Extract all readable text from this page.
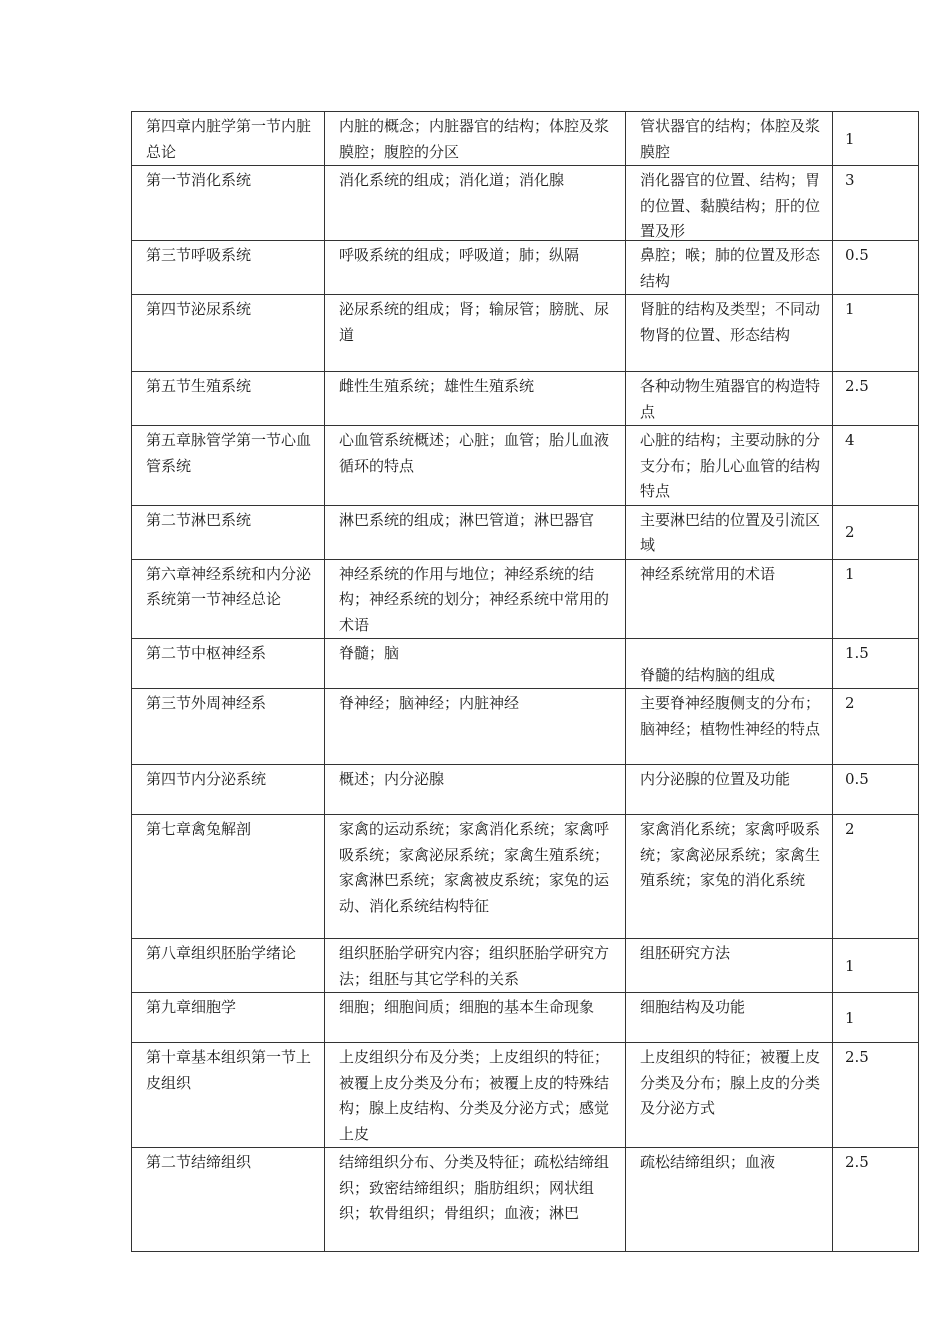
第四章内脏学第一节内脏总论	内脏的概念；内脏器官的结构；体腔及浆膜腔；腹腔的分区	管状器官的结构；体腔及浆膜腔	1
第一节消化系统	消化系统的组成；消化道；消化腺	消化器官的位置、结构；胃的位置、黏膜结构；肝的位置及形	3
第三节呼吸系统	呼吸系统的组成；呼吸道；肺；纵隔	鼻腔；喉；肺的位置及形态结构	0.5
第四节泌尿系统	泌尿系统的组成；肾；输尿管；膀胱、尿道	肾脏的结构及类型；不同动物肾的位置、形态结构	1
第五节生殖系统	雌性生殖系统；雄性生殖系统	各种动物生殖器官的构造特点	2.5
第五章脉管学第一节心血管系统	心血管系统概述；心脏；血管；胎儿血液循环的特点	心脏的结构；主要动脉的分支分布；胎儿心血管的结构特点	4
第二节淋巴系统	淋巴系统的组成；淋巴管道；淋巴器官	主要淋巴结的位置及引流区域	2
第六章神经系统和内分泌系统第一节神经总论	神经系统的作用与地位；神经系统的结构；神经系统的划分；神经系统中常用的术语	神经系统常用的术语	1
第二节中枢神经系	脊髓；脑	脊髓的结构脑的组成	1.5
第三节外周神经系	脊神经；脑神经；内脏神经	主要脊神经腹侧支的分布；脑神经；植物性神经的特点	2
第四节内分泌系统	概述；内分泌腺	内分泌腺的位置及功能	0.5
第七章禽兔解剖	家禽的运动系统；家禽消化系统；家禽呼吸系统；家禽泌尿系统；家禽生殖系统；家禽淋巴系统；家禽被皮系统；家兔的运动、消化系统结构特征	家禽消化系统；家禽呼吸系统；家禽泌尿系统；家禽生殖系统；家兔的消化系统	2
第八章组织胚胎学绪论	组织胚胎学研究内容；组织胚胎学研究方法；组胚与其它学科的关系	组胚研究方法	1
第九章细胞学	细胞；细胞间质；细胞的基本生命现象	细胞结构及功能	1
第十章基本组织第一节上皮组织	上皮组织分布及分类；上皮组织的特征；被覆上皮分类及分布；被覆上皮的特殊结构；腺上皮结构、分类及分泌方式；感觉上皮	上皮组织的特征；被覆上皮分类及分布；腺上皮的分类及分泌方式	2.5
第二节结缔组织	结缔组织分布、分类及特征；疏松结缔组织；致密结缔组织；脂肪组织；网状组织；软骨组织；骨组织；血液；淋巴	疏松结缔组织；血液	2.5
